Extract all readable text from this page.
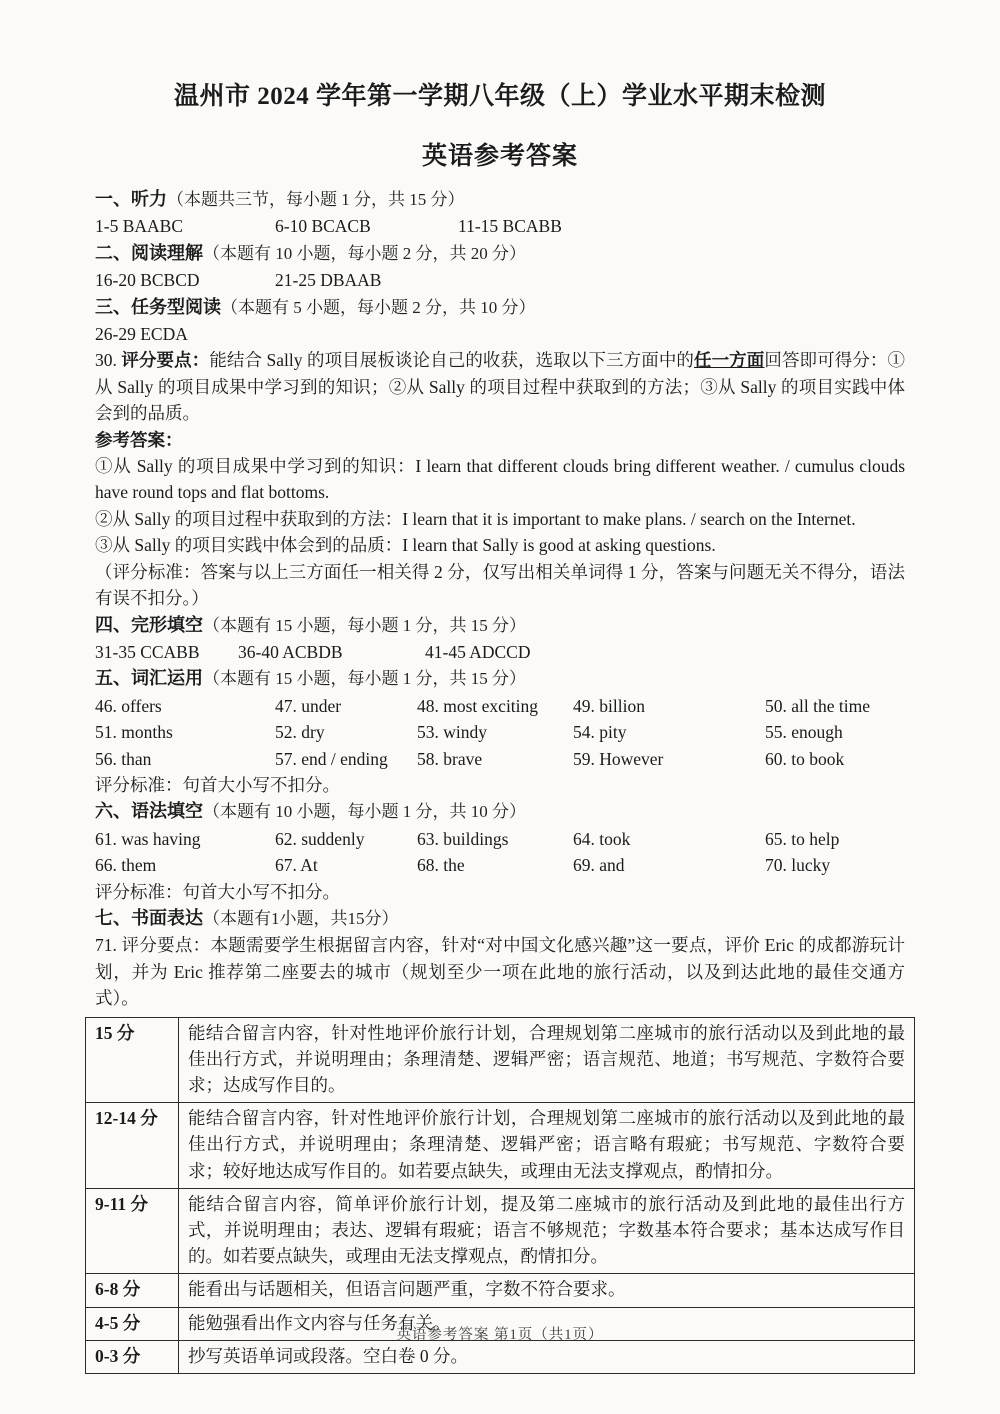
温州市 2024 学年第一学期八年级（上）学业水平期末检测
英语参考答案

一、听力（本题共三节，每小题 1 分，共 15 分）

1-5 BAABC	6-10 BCACB	11-15 BCABB

二、阅读理解（本题有 10 小题，每小题 2 分，共 20 分）

16-20 BCBCD	21-25 DBAAB

三、任务型阅读（本题有 5 小题，每小题 2 分，共 10 分）

26-29 ECDA

30. 评分要点：能结合 Sally 的项目展板谈论自己的收获，选取以下三方面中的任一方面回答即可得分：①从 Sally 的项目成果中学习到的知识；②从 Sally 的项目过程中获取到的方法；③从 Sally 的项目实践中体会到的品质。

参考答案：

①从 Sally 的项目成果中学习到的知识：I learn that different clouds bring different weather. / cumulus clouds have round tops and flat bottoms.

②从 Sally 的项目过程中获取到的方法：I learn that it is important to make plans. / search on the Internet.

③从 Sally 的项目实践中体会到的品质：I learn that Sally is good at asking questions.

（评分标准：答案与以上三方面任一相关得 2 分，仅写出相关单词得 1 分，答案与问题无关不得分，语法有误不扣分。）

四、完形填空（本题有 15 小题，每小题 1 分，共 15 分）

31-35 CCABB	36-40 ACBDB	41-45 ADCCD

五、词汇运用（本题有 15 小题，每小题 1 分，共 15 分）

46. offers	47. under	48. most exciting	49. billion	50. all the time
51. months	52. dry	53. windy	54. pity	55. enough
56. than	57. end / ending	58. brave	59. However	60. to book

评分标准：句首大小写不扣分。

六、语法填空（本题有 10 小题，每小题 1 分，共 10 分）

61. was having	62. suddenly	63. buildings	64. took	65. to help
66. them	67. At	68. the	69. and	70. lucky

评分标准：句首大小写不扣分。

七、书面表达（本题有1小题，共15分）

71. 评分要点：本题需要学生根据留言内容，针对“对中国文化感兴趣”这一要点，评价 Eric 的成都游玩计划，并为 Eric 推荐第二座要去的城市（规划至少一项在此地的旅行活动，以及到达此地的最佳交通方式）。

15 分	能结合留言内容，针对性地评价旅行计划，合理规划第二座城市的旅行活动以及到此地的最佳出行方式，并说明理由；条理清楚、逻辑严密；语言规范、地道；书写规范、字数符合要求；达成写作目的。
12-14 分	能结合留言内容，针对性地评价旅行计划，合理规划第二座城市的旅行活动以及到此地的最佳出行方式，并说明理由；条理清楚、逻辑严密；语言略有瑕疵；书写规范、字数符合要求；较好地达成写作目的。如若要点缺失，或理由无法支撑观点，酌情扣分。
9-11 分	能结合留言内容，简单评价旅行计划，提及第二座城市的旅行活动及到此地的最佳出行方式，并说明理由；表达、逻辑有瑕疵；语言不够规范；字数基本符合要求；基本达成写作目的。如若要点缺失，或理由无法支撑观点，酌情扣分。
6-8 分	能看出与话题相关，但语言问题严重，字数不符合要求。
4-5 分	能勉强看出作文内容与任务有关。
0-3 分	抄写英语单词或段落。空白卷 0 分。
英语参考答案 第1页（共1页）
